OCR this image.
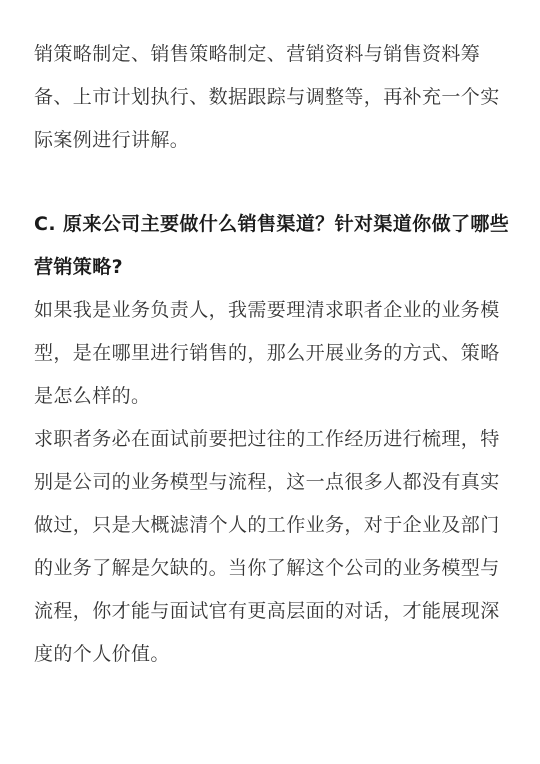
销策略制定、销售策略制定、营销资料与销售资料筹备、上市计划执行、数据跟踪与调整等，再补充一个实际案例进行讲解。

C. 原来公司主要做什么销售渠道？针对渠道你做了哪些营销策略?

如果我是业务负责人，我需要理清求职者企业的业务模型，是在哪里进行销售的，那么开展业务的方式、策略是怎么样的。

求职者务必在面试前要把过往的工作经历进行梳理，特别是公司的业务模型与流程，这一点很多人都没有真实做过，只是大概滤清个人的工作业务，对于企业及部门的业务了解是欠缺的。当你了解这个公司的业务模型与流程，你才能与面试官有更高层面的对话，才能展现深度的个人价值。
